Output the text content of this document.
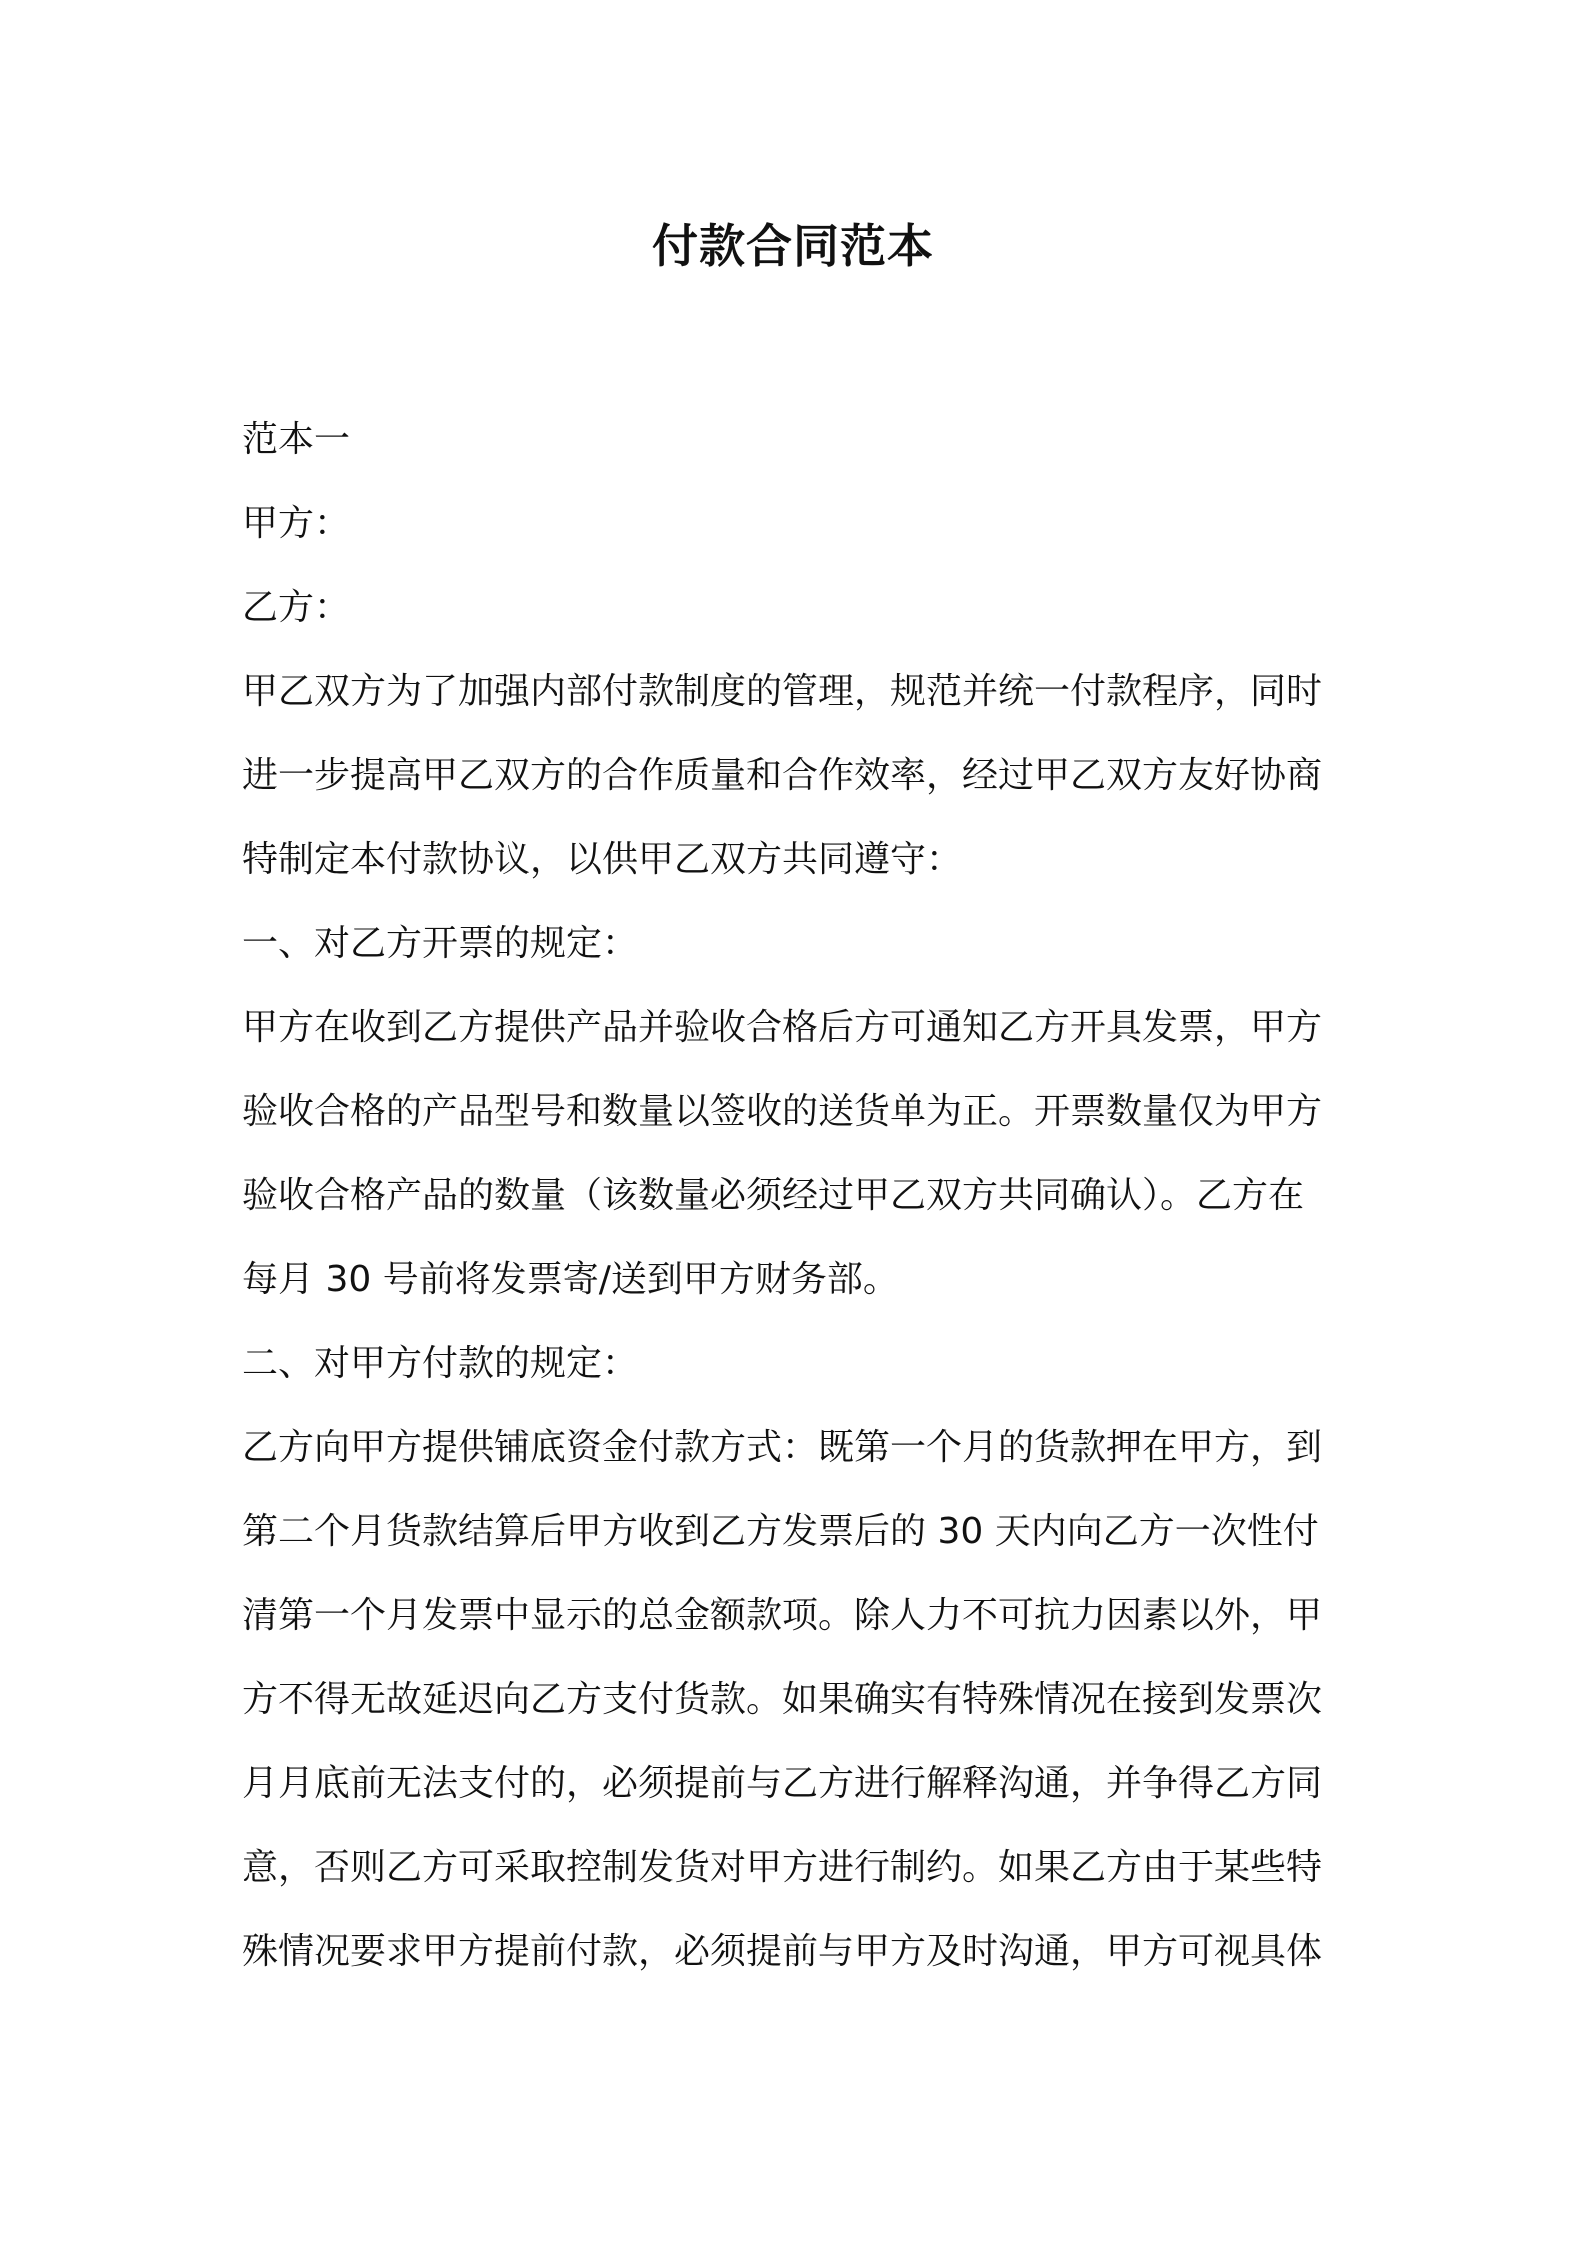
付款合同范本
范本一
甲方：
乙方：
甲乙双方为了加强内部付款制度的管理，规范并统一付款程序，同时
进一步提高甲乙双方的合作质量和合作效率，经过甲乙双方友好协商
特制定本付款协议，以供甲乙双方共同遵守：
一、对乙方开票的规定：
甲方在收到乙方提供产品并验收合格后方可通知乙方开具发票，甲方
验收合格的产品型号和数量以签收的送货单为正。开票数量仅为甲方
验收合格产品的数量（该数量必须经过甲乙双方共同确认）。乙方在
每月 30 号前将发票寄/送到甲方财务部。
二、对甲方付款的规定：
乙方向甲方提供铺底资金付款方式：既第一个月的货款押在甲方，到
第二个月货款结算后甲方收到乙方发票后的 30 天内向乙方一次性付
清第一个月发票中显示的总金额款项。除人力不可抗力因素以外，甲
方不得无故延迟向乙方支付货款。如果确实有特殊情况在接到发票次
月月底前无法支付的，必须提前与乙方进行解释沟通，并争得乙方同
意，否则乙方可采取控制发货对甲方进行制约。如果乙方由于某些特
殊情况要求甲方提前付款，必须提前与甲方及时沟通，甲方可视具体
